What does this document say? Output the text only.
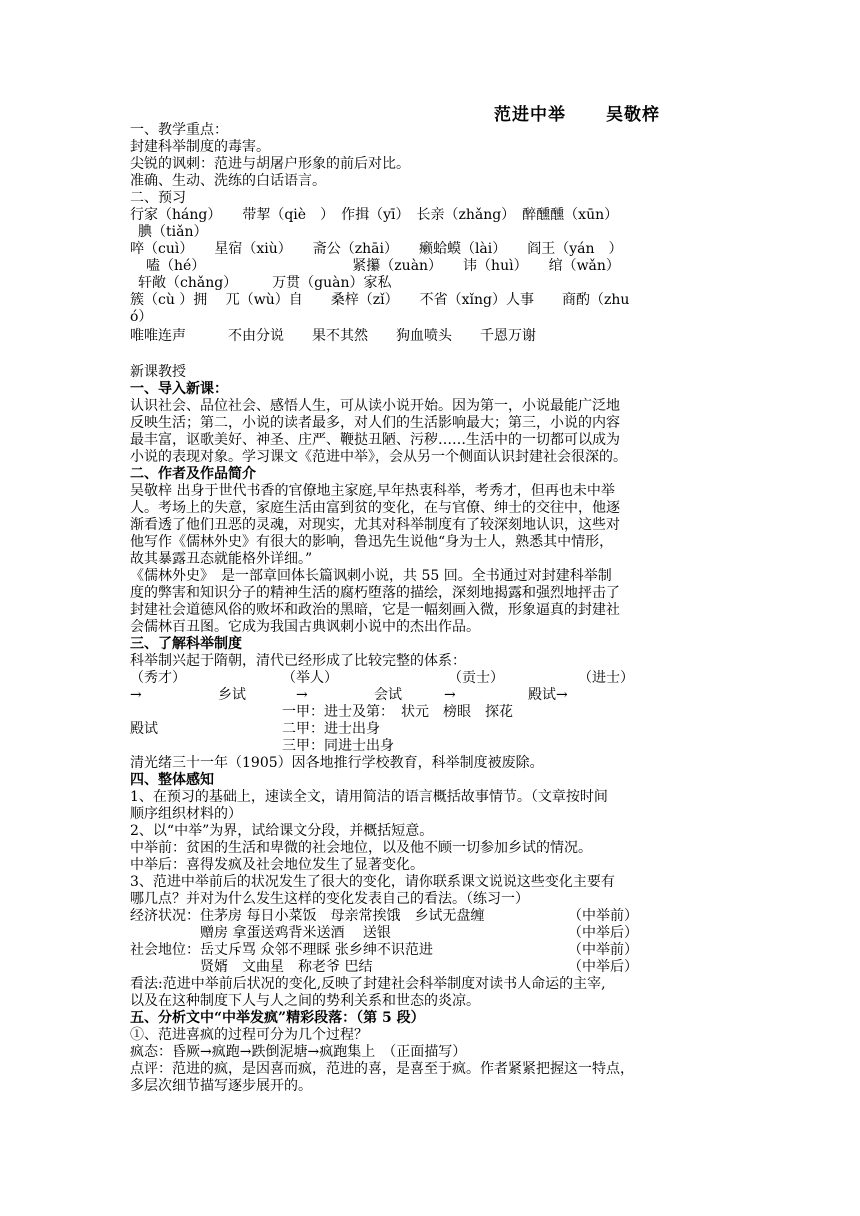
范进中举 吴敬梓
一、教学重点：
封建科举制度的毒害。
尖锐的讽刺：范进与胡屠户形象的前后对比。
准确、生动、洗练的白话语言。
二、预习
行家（háng）　　带挈（qiè　）　作揖（yī）　长亲（zhǎng）　醉醺醺（xūn）
腆（tiǎn）
啐（cuì）　　星宿（xiù）　　斋公（zhāi）　　癞蛤蟆（lài）　　阎王（yán　）
嗑（hé）　　　　　　　　　　　紧攥（zuàn）　　讳（huì）　　绾（wǎn）
轩敞（chǎng）　　　万贯（guàn）家私
簇（cù ）拥　 兀（wù）自　　桑梓（zǐ）　　不省（xǐng）人事　　商酌（zhu
ó）
唯唯连声　　　不由分说　　果不其然　　狗血喷头　　千恩万谢
新课教授
一、导入新课：
认识社会、品位社会、感悟人生，可从读小说开始。因为第一，小说最能广泛地
反映生活；第二，小说的读者最多，对人们的生活影响最大；第三，小说的内容
最丰富，讴歌美好、神圣、庄严、鞭挞丑陋、污秽……生活中的一切都可以成为
小说的表现对象。学习课文《范进中举》，会从另一个侧面认识封建社会很深的。
二、作者及作品简介
吴敬梓 出身于世代书香的官僚地主家庭,早年热衷科举，考秀才，但再也未中举
人。考场上的失意，家庭生活由富到贫的变化，在与官僚、绅士的交往中，他逐
渐看透了他们丑恶的灵魂，对现实，尤其对科举制度有了较深刻地认识，这些对
他写作《儒林外史》有很大的影响，鲁迅先生说他“身为士人，熟悉其中情形，
故其暴露丑态就能格外详细。”
《儒林外史》　是一部章回体长篇讽刺小说，共 55 回。全书通过对封建科举制
度的弊害和知识分子的精神生活的腐朽堕落的描绘，深刻地揭露和强烈地抨击了
封建社会道德风俗的败坏和政治的黑暗，它是一幅刻画入微，形象逼真的封建社
会儒林百丑图。它成为我国古典讽刺小说中的杰出作品。
三、了解科举制度
科举制兴起于隋朝，清代已经形成了比较完整的体系：
（秀才）	（举人）	（贡士）	（进士）
→	乡试	→	会试	→	殿试→
一甲：进士及第：　状元　榜眼　探花
殿试	二甲：进士出身
三甲：同进士出身
清光绪三十一年（1905）因各地推行学校教育，科举制度被废除。
四、整体感知
1、在预习的基础上，速读全文，请用简洁的语言概括故事情节。（文章按时间
顺序组织材料的）
2、以“中举”为界，试给课文分段，并概括短意。
中举前：贫困的生活和卑微的社会地位，以及他不顾一切参加乡试的情况。
中举后：喜得发疯及社会地位发生了显著变化。
3、范进中举前后的状况发生了很大的变化，请你联系课文说说这些变化主要有
哪几点？并对为什么发生这样的变化发表自己的看法。（练习一）
经济状况：住茅房 每日小菜饭　母亲常挨饿　乡试无盘缠	（中举前）
　　　　　赠房 拿蛋送鸡背米送酒　 送银	（中举后）
社会地位：岳丈斥骂 众邻不理睬 张乡绅不识范进	（中举前）
　　　　　贤婿　文曲星　称老爷 巴结	（中举后）
看法:范进中举前后状况的变化,反映了封建社会科举制度对读书人命运的主宰,
以及在这种制度下人与人之间的势利关系和世态的炎凉。
五、分析文中“中举发疯”精彩段落：（第 5 段）
①、范进喜疯的过程可分为几个过程？
疯态：昏厥→疯跑→跌倒泥塘→疯跑集上　（正面描写）
点评：范进的疯，是因喜而疯，范进的喜，是喜至于疯。作者紧紧把握这一特点，
多层次细节描写逐步展开的。
